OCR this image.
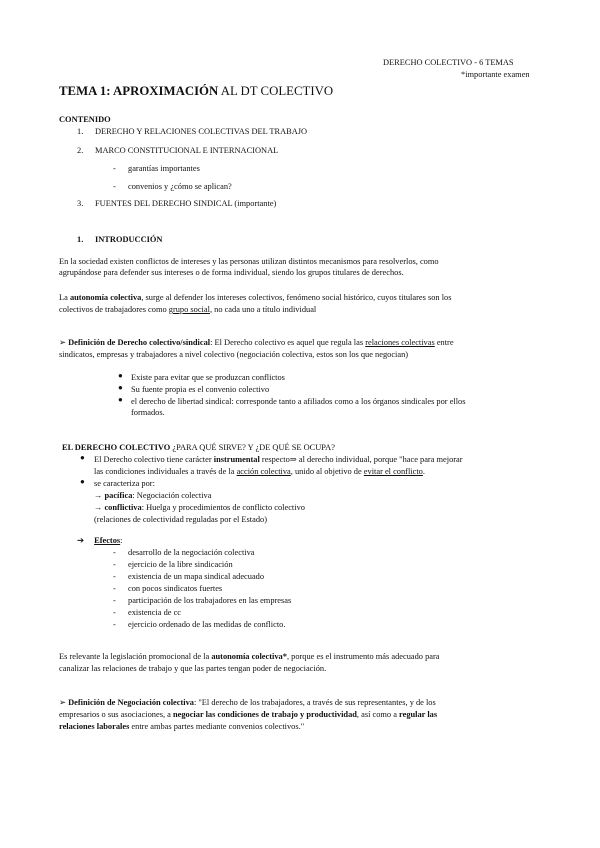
DERECHO COLECTIVO - 6 TEMAS
*importante examen
TEMA 1: APROXIMACIÓN AL DT COLECTIVO
CONTENIDO
1. DERECHO Y RELACIONES COLECTIVAS DEL TRABAJO
2. MARCO CONSTITUCIONAL E INTERNACIONAL
- garantías importantes
- convenios y ¿cómo se aplican?
3. FUENTES DEL DERECHO SINDICAL (importante)
1. INTRODUCCIÓN
En la sociedad existen conflictos de intereses y las personas utilizan distintos mecanismos para resolverlos, como
agrupándose para defender sus intereses o de forma individual, siendo los grupos titulares de derechos.
La autonomía colectiva, surge al defender los intereses colectivos, fenómeno social histórico, cuyos titulares son los
colectivos de trabajadores como grupo social, no cada uno a título individual
➢ Definición de Derecho colectivo/sindical: El Derecho colectivo es aquel que regula las relaciones colectivas entre
sindicatos, empresas y trabajadores a nivel colectivo (negociación colectiva, estos son los que negocian)
● Existe para evitar que se produzcan conflictos
● Su fuente propia es el convenio colectivo
● el derecho de libertad sindical: corresponde tanto a afiliados como a los órganos sindicales por ellos
formados.
EL DERECHO COLECTIVO ¿PARA QUÉ SIRVE? Y ¿DE QUÉ SE OCUPA?
● El Derecho colectivo tiene carácter instrumental respecto⇒ al derecho individual, porque "hace para mejorar
las condiciones individuales a través de la acción colectiva, unido al objetivo de evitar el conflicto.
● se caracteriza por:
→ pacífica: Negociación colectiva
→ conflictiva: Huelga y procedimientos de conflicto colectivo
(relaciones de colectividad reguladas por el Estado)
➔ Efectos:
- desarrollo de la negociación colectiva
- ejercicio de la libre sindicación
- existencia de un mapa sindical adecuado
- con pocos sindicatos fuertes
- participación de los trabajadores en las empresas
- existencia de cc
- ejercicio ordenado de las medidas de conflicto.
Es relevante la legislación promocional de la autonomía colectiva*, porque es el instrumento más adecuado para
canalizar las relaciones de trabajo y que las partes tengan poder de negociación.
➢ Definición de Negociación colectiva: "El derecho de los trabajadores, a través de sus representantes, y de los
empresarios o sus asociaciones, a negociar las condiciones de trabajo y productividad, así como a regular las
relaciones laborales entre ambas partes mediante convenios colectivos."
